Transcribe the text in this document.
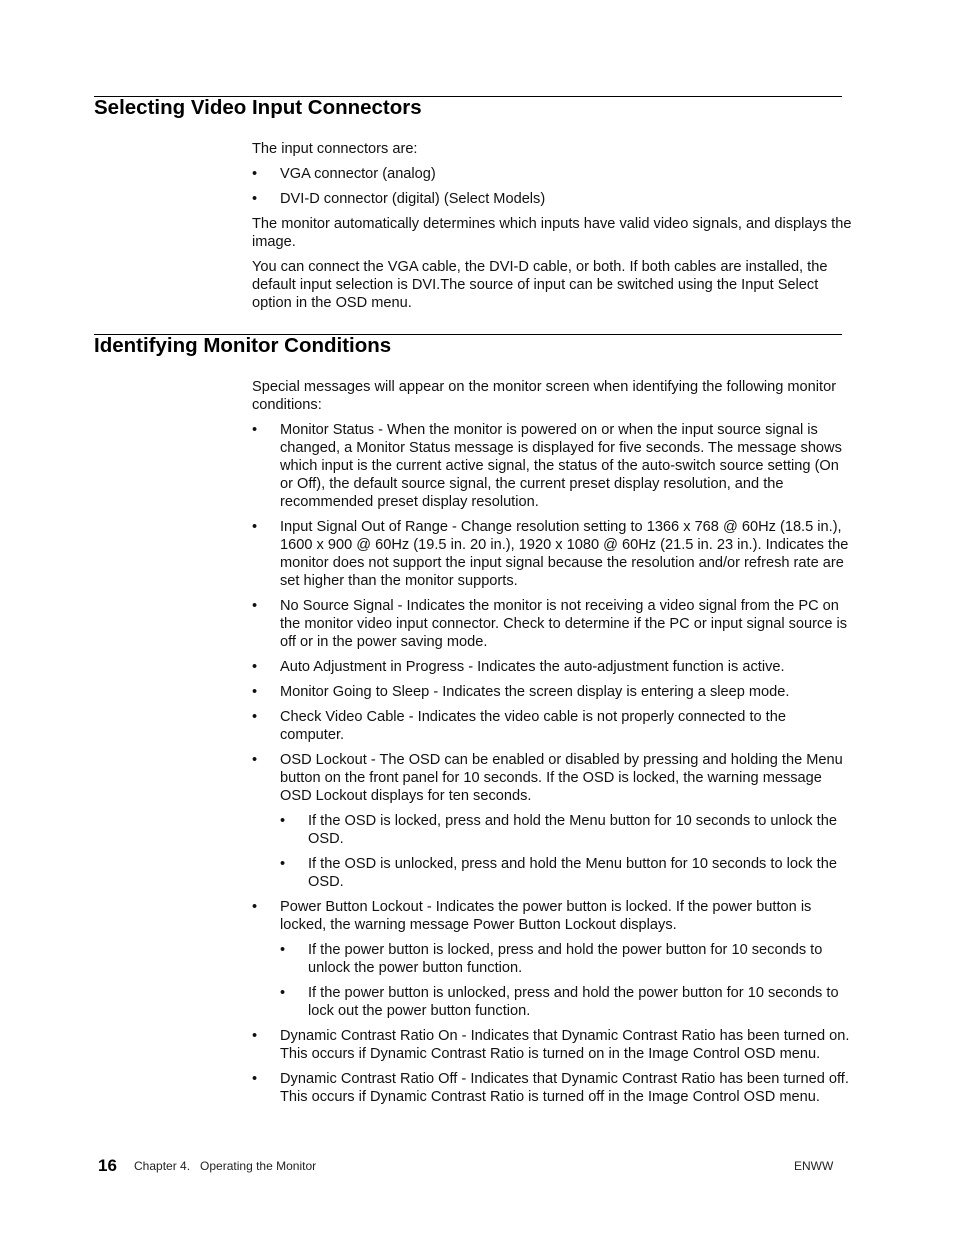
Selecting Video Input Connectors

The input connectors are:

•	VGA connector (analog)
•	DVI-D connector (digital) (Select Models)

The monitor automatically determines which inputs have valid video signals, and displays the image.

You can connect the VGA cable, the DVI-D cable, or both. If both cables are installed, the default input selection is DVI.The source of input can be switched using the Input Select option in the OSD menu.

Identifying Monitor Conditions

Special messages will appear on the monitor screen when identifying the following monitor conditions:

•	Monitor Status - When the monitor is powered on or when the input source signal is changed, a Monitor Status message is displayed for five seconds. The message shows which input is the current active signal, the status of the auto-switch source setting (On or Off), the default source signal, the current preset display resolution, and the recommended preset display resolution.
•	Input Signal Out of Range - Change resolution setting to 1366 x 768 @ 60Hz (18.5 in.), 1600 x 900 @ 60Hz (19.5 in. 20 in.), 1920 x 1080 @ 60Hz (21.5 in. 23 in.). Indicates the monitor does not support the input signal because the resolution and/or refresh rate are set higher than the monitor supports.
•	No Source Signal - Indicates the monitor is not receiving a video signal from the PC on the monitor video input connector. Check to determine if the PC or input signal source is off or in the power saving mode.
•	Auto Adjustment in Progress - Indicates the auto-adjustment function is active.
•	Monitor Going to Sleep - Indicates the screen display is entering a sleep mode.
•	Check Video Cable - Indicates the video cable is not properly connected to the computer.
•	OSD Lockout - The OSD can be enabled or disabled by pressing and holding the Menu button on the front panel for 10 seconds. If the OSD is locked, the warning message OSD Lockout displays for ten seconds.
•	If the OSD is locked, press and hold the Menu button for 10 seconds to unlock the OSD.
•	If the OSD is unlocked, press and hold the Menu button for 10 seconds to lock the OSD.
•	Power Button Lockout - Indicates the power button is locked. If the power button is locked, the warning message Power Button Lockout displays.
•	If the power button is locked, press and hold the power button for 10 seconds to unlock the power button function.
•	If the power button is unlocked, press and hold the power button for 10 seconds to lock out the power button function.
•	Dynamic Contrast Ratio On - Indicates that Dynamic Contrast Ratio has been turned on. This occurs if Dynamic Contrast Ratio is turned on in the Image Control OSD menu.
•	Dynamic Contrast Ratio Off - Indicates that Dynamic Contrast Ratio has been turned off. This occurs if Dynamic Contrast Ratio is turned off in the Image Control OSD menu.
16 Chapter 4. Operating the Monitor	ENWW
